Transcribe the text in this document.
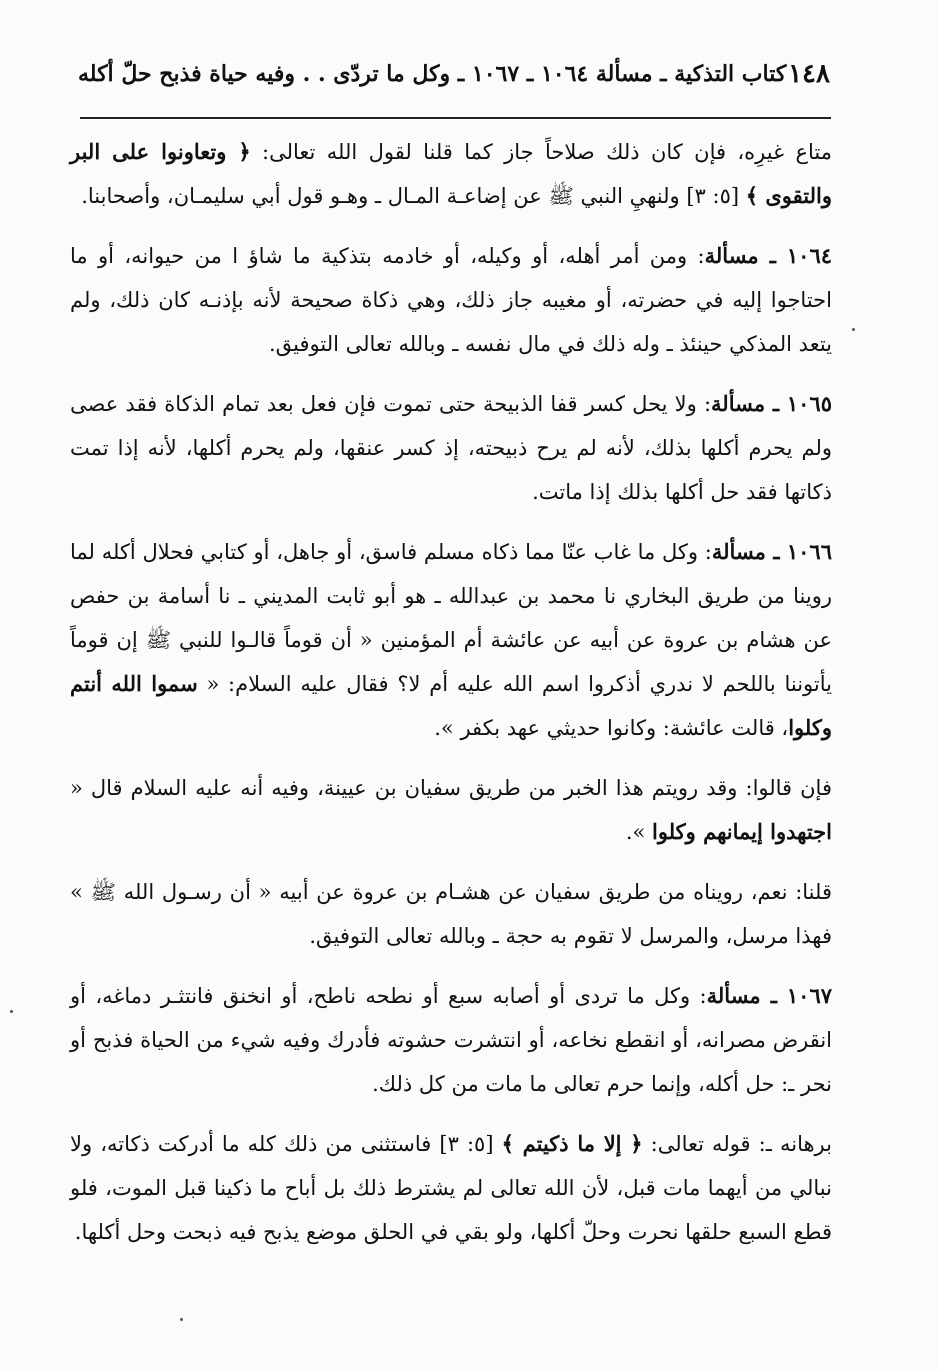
١٤٨
كتاب التذكية ـ مسألة ١٠٦٤ ـ ١٠٦٧ ـ وكل ما تردّى . . وفيه حياة فذبح حلّ أكله

متاع غيرِه، فإن كان ذلك صلاحاً جاز كما قلنا لقول الله تعالى: ﴿ وتعاونوا على البر والتقوى ﴾ [٥: ٣] ولنهيِ النبي ﷺ عن إضاعـة المـال ـ وهـو قول أبي سليمـان، وأصحابنا.

١٠٦٤ ـ مسألة: ومن أمر أهله، أو وكيله، أو خادمه بتذكية ما شاؤ ا من حيوانه، أو ما احتاجوا إليه في حضرته، أو مغيبه جاز ذلك، وهي ذكاة صحيحة لأنه بإذنـه كان ذلك، ولم يتعد المذكي حينئذ ـ وله ذلك في مال نفسه ـ وبالله تعالى التوفيق.

١٠٦٥ ـ مسألة: ولا يحل كسر قفا الذبيحة حتى تموت فإن فعل بعد تمام الذكاة فقد عصى ولم يحرم أكلها بذلك، لأنه لم يرح ذبيحته، إذ كسر عنقها، ولم يحرم أكلها، لأنه إذا تمت ذكاتها فقد حل أكلها بذلك إذا ماتت.

١٠٦٦ ـ مسألة: وكل ما غاب عنّا مما ذكاه مسلم فاسق، أو جاهل، أو كتابي فحلال أكله لما روينا من طريق البخاري نا محمد بن عبدالله ـ هو أبو ثابت المديني ـ نا أسامة بن حفص عن هشام بن عروة عن أبيه عن عائشة أم المؤمنين « أن قوماً قالـوا للنبي ﷺ إن قوماً يأتوننا باللحم لا ندري أذكروا اسم الله عليه أم لا؟ فقال عليه السلام: « سموا الله أنتم وكلوا، قالت عائشة: وكانوا حديثي عهد بكفر ».

فإن قالوا: وقد رويتم هذا الخبر من طريق سفيان بن عيينة، وفيه أنه عليه السلام قال « اجتهدوا إيمانهم وكلوا ».

قلنا: نعم، رويناه من طريق سفيان عن هشـام بن عروة عن أبيه « أن رسـول الله ﷺ » فهذا مرسل، والمرسل لا تقوم به حجة ـ وبالله تعالى التوفيق.

١٠٦٧ ـ مسألة: وكل ما تردى أو أصابه سبع أو نطحه ناطح، أو انخنق فانتثـر دماغه، أو انقرض مصرانه، أو انقطع نخاعه، أو انتشرت حشوته فأدرك وفيه شيء من الحياة فذبح أو نحر ـ: حل أكله، وإنما حرم تعالى ما مات من كل ذلك.

برهانه ـ: قوله تعالى: ﴿ إلا ما ذكيتم ﴾ [٥: ٣] فاستثنى من ذلك كله ما أدركت ذكاته، ولا نبالي من أيهما مات قبل، لأن الله تعالى لم يشترط ذلك بل أباح ما ذكينا قبل الموت، فلو قطع السبع حلقها نحرت وحلّ أكلها، ولو بقي في الحلق موضع يذبح فيه ذبحت وحل أكلها.
